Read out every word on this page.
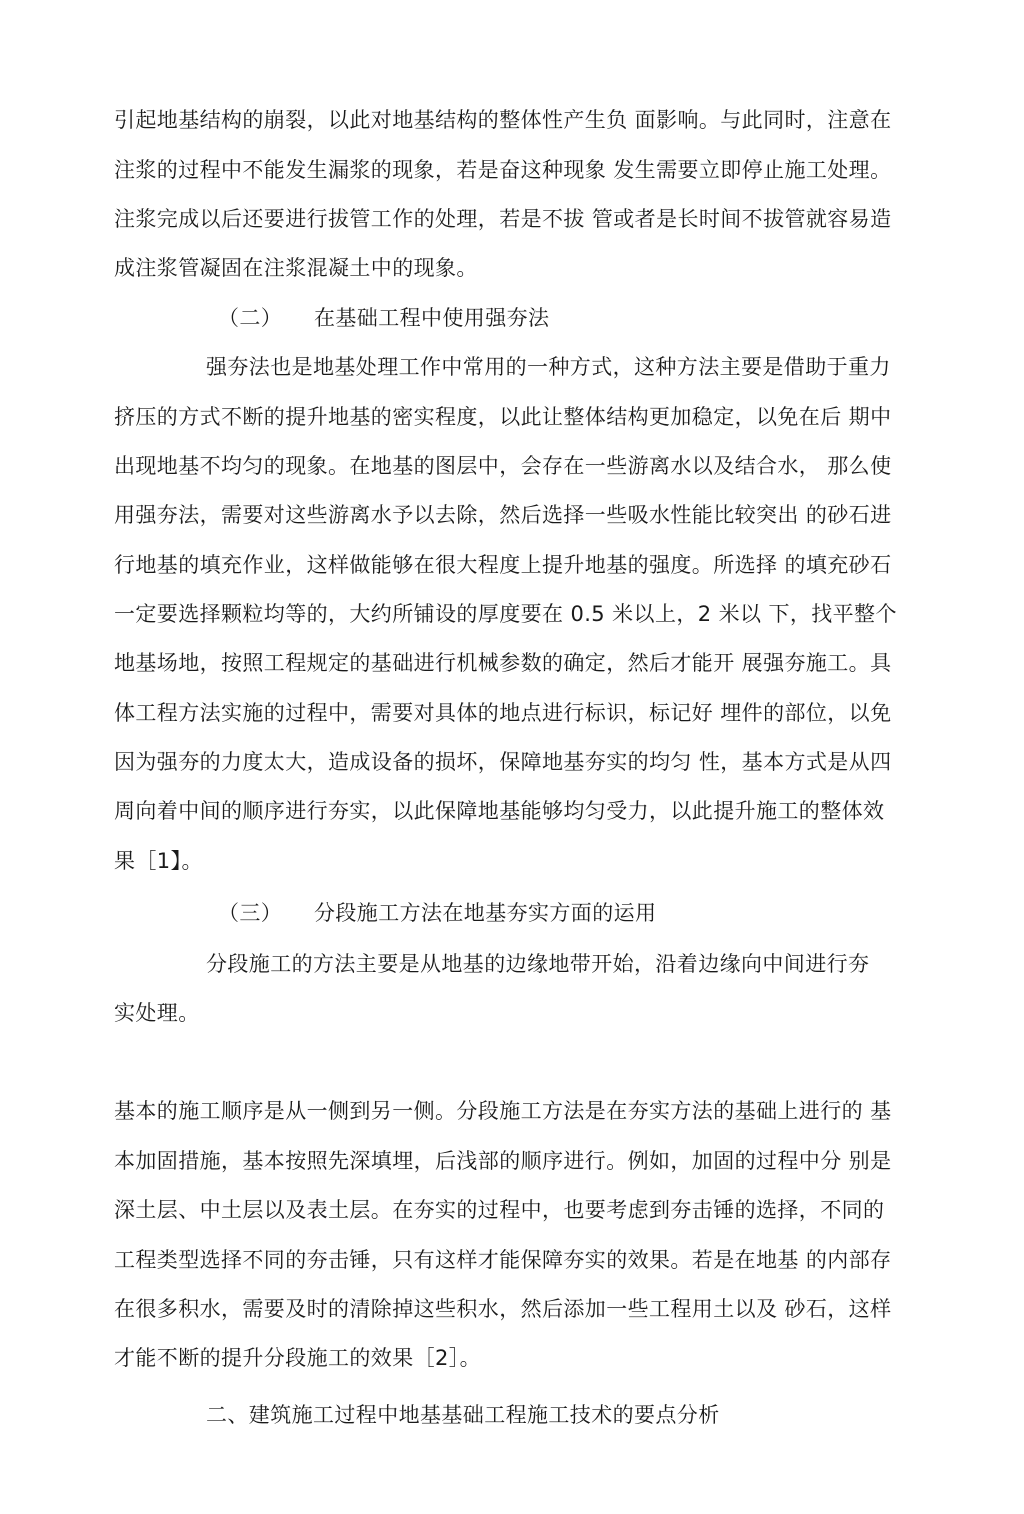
引起地基结构的崩裂，以此对地基结构的整体性产生负 面影响。与此同时，注意在
注浆的过程中不能发生漏浆的现象，若是奋这种现象 发生需要立即停止施工处理。
注浆完成以后还要进行拔管工作的处理，若是不拔 管或者是长时间不拔管就容易造
成注浆管凝固在注浆混凝土中的现象。
（二） 在基础工程中使用强夯法
强夯法也是地基处理工作中常用的一种方式，这种方法主要是借助于重力
挤压的方式不断的提升地基的密实程度，以此让整体结构更加稳定，以免在后 期中
出现地基不均匀的现象。在地基的图层中，会存在一些游离水以及结合水， 那么使
用强夯法，需要对这些游离水予以去除，然后选择一些吸水性能比较突出 的砂石进
行地基的填充作业，这样做能够在很大程度上提升地基的强度。所选择 的填充砂石
一定要选择颗粒均等的，大约所铺设的厚度要在 0.5 米以上，2 米以 下，找平整个
地基场地，按照工程规定的基础进行机械参数的确定，然后才能开 展强夯施工。具
体工程方法实施的过程中，需要对具体的地点进行标识，标记好 埋件的部位，以免
因为强夯的力度太大，造成设备的损坏，保障地基夯实的均匀 性，基本方式是从四
周向着中间的顺序进行夯实，以此保障地基能够均匀受力，以此提升施工的整体效
果［1】。
（三） 分段施工方法在地基夯实方面的运用
分段施工的方法主要是从地基的边缘地带开始，沿着边缘向中间进行夯
实处理。
基本的施工顺序是从一侧到另一侧。分段施工方法是在夯实方法的基础上进行的 基
本加固措施，基本按照先深填埋，后浅部的顺序进行。例如，加固的过程中分 别是
深土层、中土层以及表土层。在夯实的过程中，也要考虑到夯击锤的选择，不同的
工程类型选择不同的夯击锤，只有这样才能保障夯实的效果。若是在地基 的内部存
在很多积水，需要及时的清除掉这些积水，然后添加一些工程用土以及 砂石，这样
才能不断的提升分段施工的效果［2］。
二、建筑施工过程中地基基础工程施工技术的要点分析
